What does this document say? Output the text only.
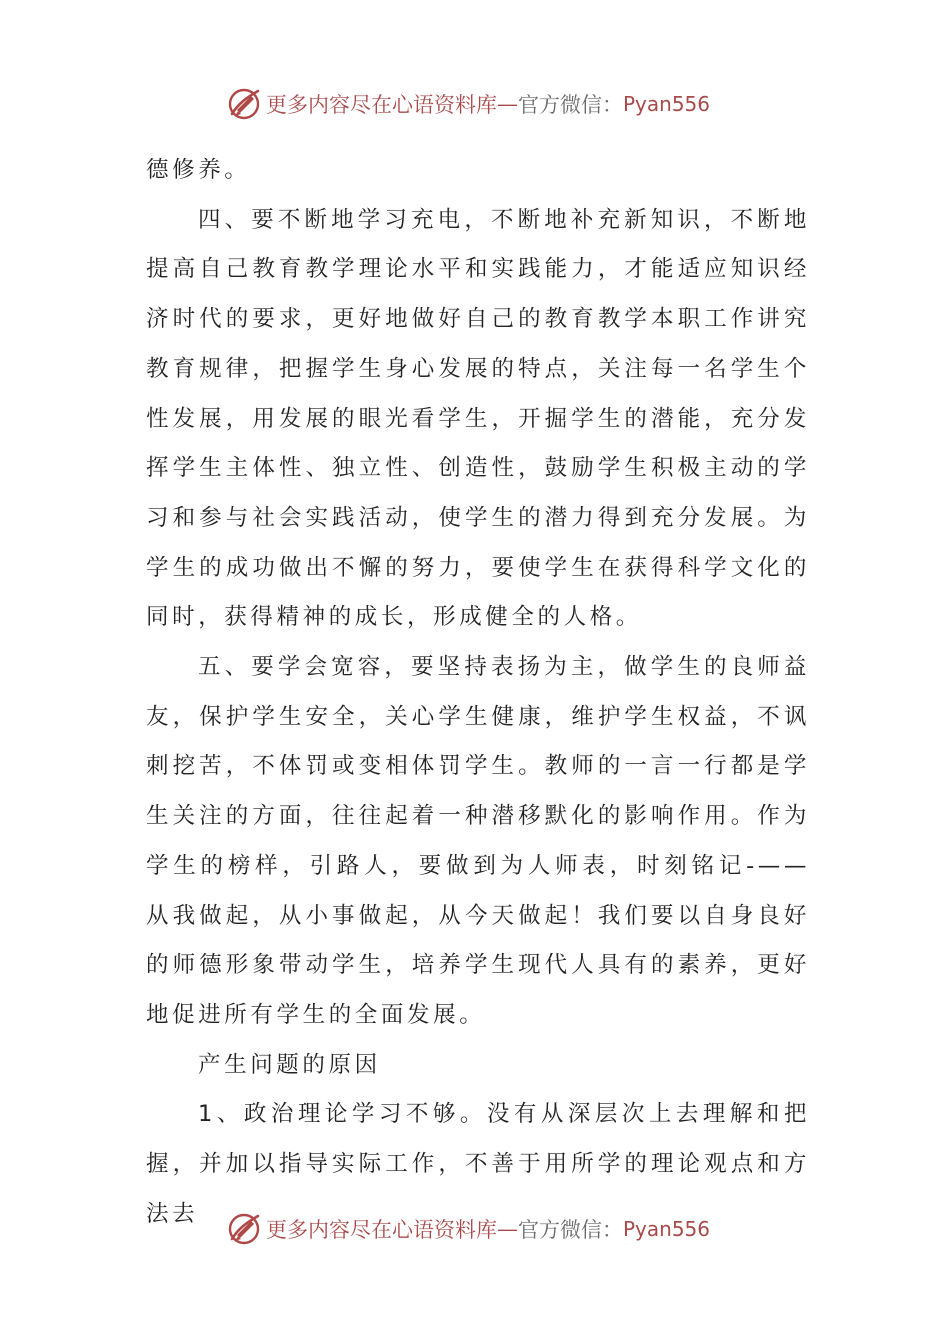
更多内容尽在心语资料库 — 官方微信： Pyan556

德修养。

四、要不断地学习充电，不断地补充新知识，不断地提高自己教育教学理论水平和实践能力，才能适应知识经济时代的要求，更好地做好自己的教育教学本职工作讲究教育规律，把握学生身心发展的特点，关注每一名学生个性发展，用发展的眼光看学生，开掘学生的潜能，充分发挥学生主体性、独立性、创造性，鼓励学生积极主动的学习和参与社会实践活动，使学生的潜力得到充分发展。为学生的成功做出不懈的努力，要使学生在获得科学文化的同时，获得精神的成长，形成健全的人格。

五、要学会宽容，要坚持表扬为主，做学生的良师益友，保护学生安全，关心学生健康，维护学生权益，不讽刺挖苦，不体罚或变相体罚学生。教师的一言一行都是学生关注的方面，往往起着一种潜移默化的影响作用。作为学生的榜样，引路人，要做到为人师表，时刻铭记-——从我做起，从小事做起，从今天做起！我们要以自身良好的师德形象带动学生，培养学生现代人具有的素养，更好地促进所有学生的全面发展。

产生问题的原因

1、政治理论学习不够。没有从深层次上去理解和把握，并加以指导实际工作，不善于用所学的理论观点和方法去

更多内容尽在心语资料库 — 官方微信： Pyan556
